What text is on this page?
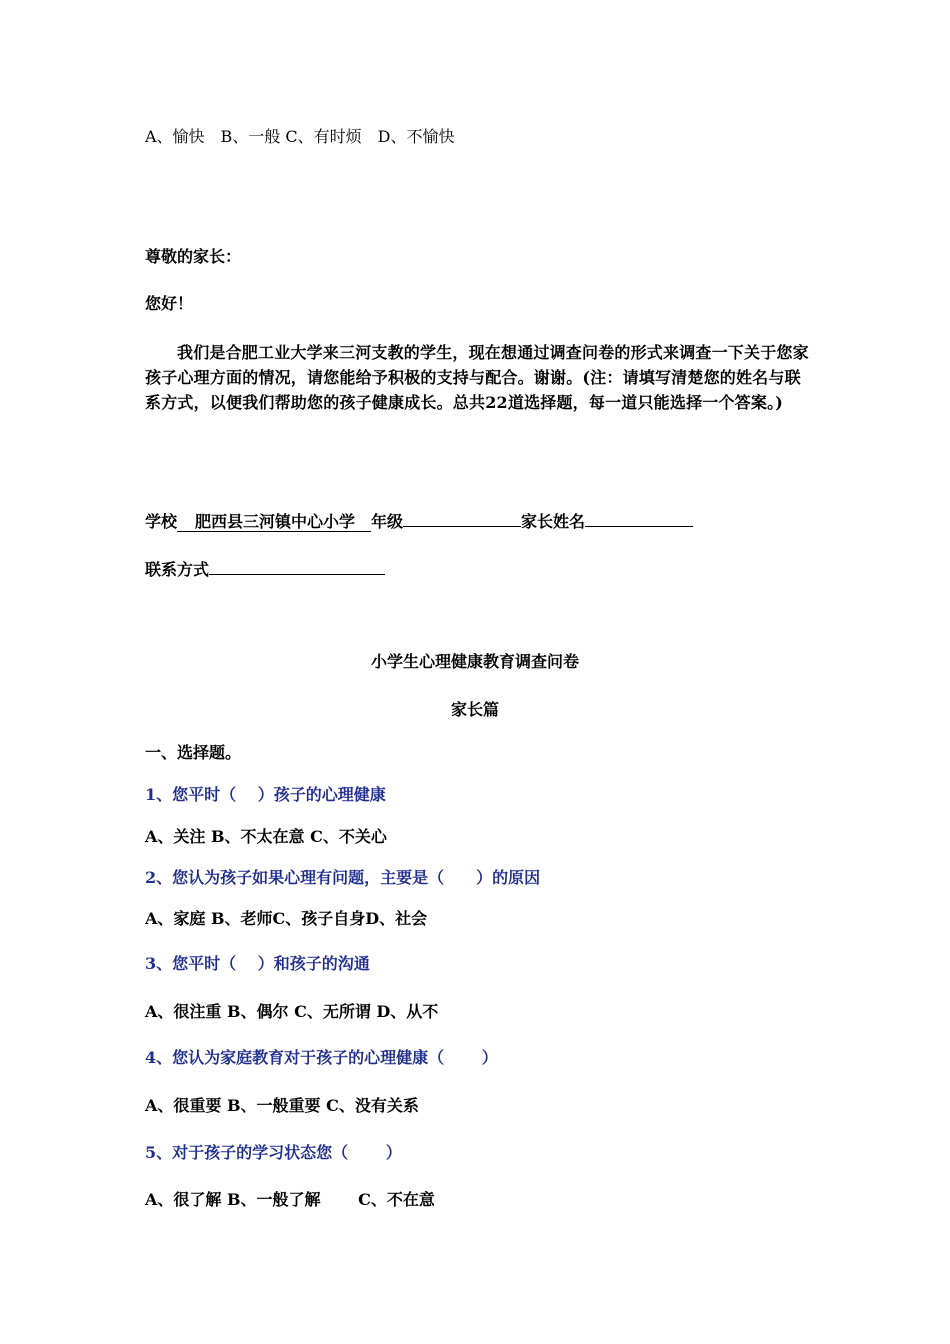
A、愉快　B、一般 C、有时烦　D、不愉快
尊敬的家长：
您好！
我们是合肥工业大学来三河支教的学生，现在想通过调查问卷的形式来调查一下关于您家孩子心理方面的情况，请您能给予积极的支持与配合。谢谢。(注：请填写清楚您的姓名与联系方式，以便我们帮助您的孩子健康成长。总共22道选择题，每一道只能选择一个答案。)
学校 肥西县三河镇中心小学 年级	家长姓名
联系方式
小学生心理健康教育调查问卷
家长篇
一、选择题。
1、您平时（　 ）孩子的心理健康
A、关注 B、不太在意 C、不关心
2、您认为孩子如果心理有问题，主要是（　　）的原因
A、家庭 B、老师C、孩子自身D、社会
3、您平时（　 ）和孩子的沟通
A、很注重 B、偶尔 C、无所谓 D、从不
4、您认为家庭教育对于孩子的心理健康（　　 ）
A、很重要 B、一般重要 C、没有关系
5、对于孩子的学习状态您（　　 ）
A、很了解 B、一般了解　　 C、不在意
